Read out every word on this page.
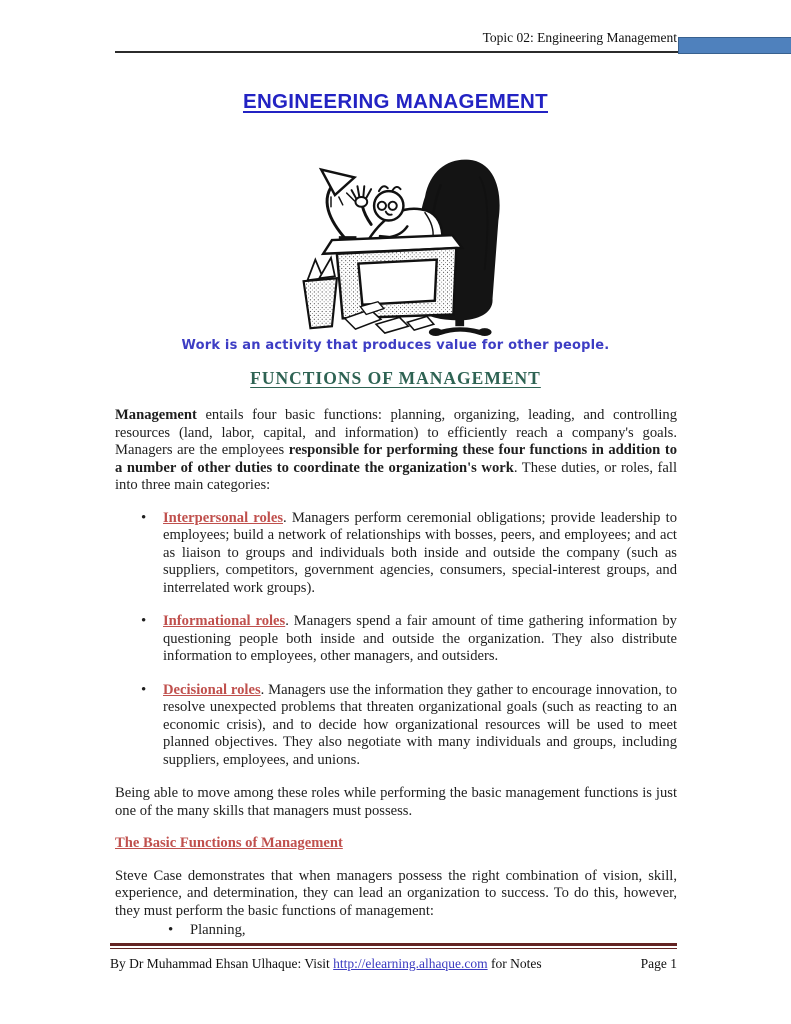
Topic 02: Engineering Management
ENGINEERING MANAGEMENT
Work is an activity that produces value for other people.
FUNCTIONS OF MANAGEMENT

Management entails four basic functions: planning, organizing, leading, and controlling resources (land, labor, capital, and information) to efficiently reach a company's goals. Managers are the employees responsible for performing these four functions in addition to a number of other duties to coordinate the organization's work. These duties, or roles, fall into three main categories:

• Interpersonal roles. Managers perform ceremonial obligations; provide leadership to employees; build a network of relationships with bosses, peers, and employees; and act as liaison to groups and individuals both inside and outside the company (such as suppliers, competitors, government agencies, consumers, special-interest groups, and interrelated work groups).
• Informational roles. Managers spend a fair amount of time gathering information by questioning people both inside and outside the organization. They also distribute information to employees, other managers, and outsiders.
• Decisional roles. Managers use the information they gather to encourage innovation, to resolve unexpected problems that threaten organizational goals (such as reacting to an economic crisis), and to decide how organizational resources will be used to meet planned objectives. They also negotiate with many individuals and groups, including suppliers, employees, and unions.

Being able to move among these roles while performing the basic management functions is just one of the many skills that managers must possess.

The Basic Functions of Management

Steve Case demonstrates that when managers possess the right combination of vision, skill, experience, and determination, they can lead an organization to success. To do this, however, they must perform the basic functions of management:

• Planning,
By Dr Muhammad Ehsan Ulhaque: Visit http://elearning.alhaque.com for Notes	Page 1
